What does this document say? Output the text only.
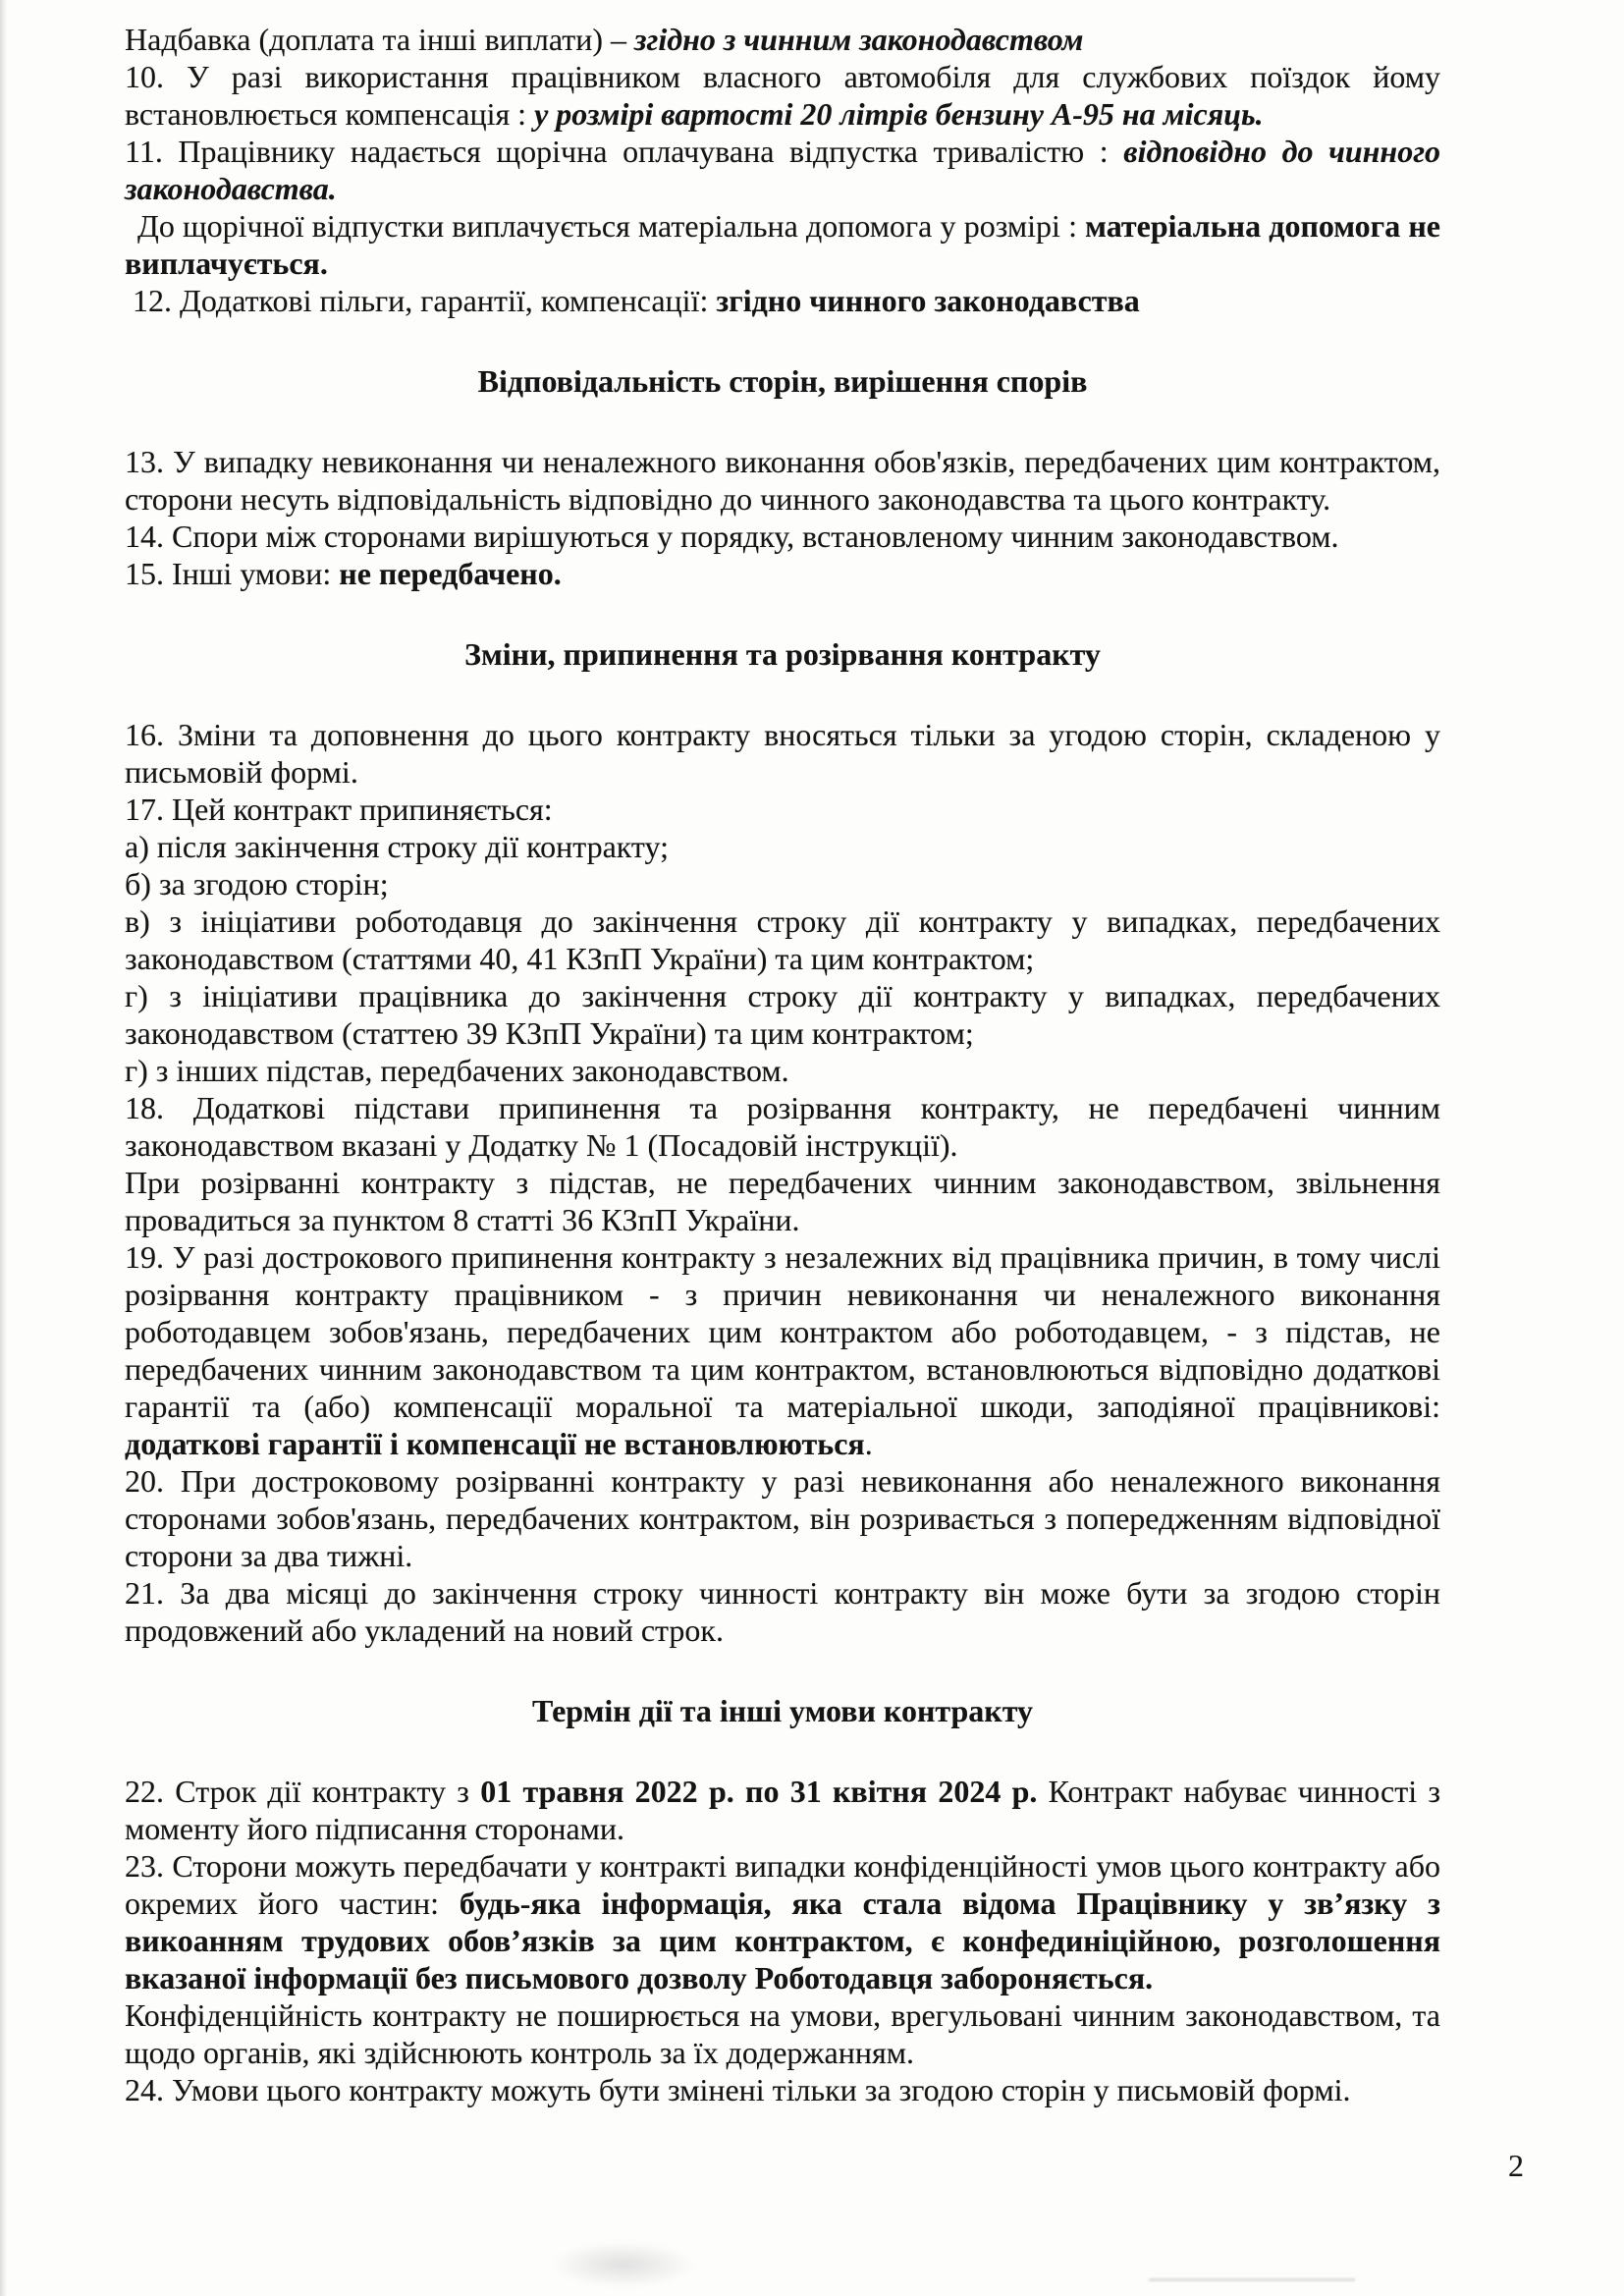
Надбавка (доплата та інші виплати) – згідно з чинним законодавством

10. У разі використання працівником власного автомобіля для службових поїздок йому встановлюється компенсація : у розмірі вартості 20 літрів бензину А-95 на місяць.

11. Працівнику надається щорічна оплачувана відпустка тривалістю : відповідно до чинного законодавства.

До щорічної відпустки виплачується матеріальна допомога у розмірі : матеріальна допомога не виплачується.

12. Додаткові пільги, гарантії, компенсації: згідно чинного законодавства

Відповідальність сторін, вирішення спорів

13. У випадку невиконання чи неналежного виконання обов'язків, передбачених цим контрактом, сторони несуть відповідальність відповідно до чинного законодавства та цього контракту.

14. Спори між сторонами вирішуються у порядку, встановленому чинним законодавством.

15. Інші умови: не передбачено.

Зміни, припинення та розірвання контракту

16. Зміни та доповнення до цього контракту вносяться тільки за угодою сторін, складеною у письмовій формі.

17. Цей контракт припиняється:

а) після закінчення строку дії контракту;

б) за згодою сторін;

в) з ініціативи роботодавця до закінчення строку дії контракту у випадках, передбачених законодавством (статтями 40, 41 КЗпП України) та цим контрактом;

г) з ініціативи працівника до закінчення строку дії контракту у випадках, передбачених законодавством (статтею 39 КЗпП України) та цим контрактом;

г) з інших підстав, передбачених законодавством.

18. Додаткові підстави припинення та розірвання контракту, не передбачені чинним законодавством вказані у Додатку № 1 (Посадовій інструкції).

При розірванні контракту з підстав, не передбачених чинним законодавством, звільнення провадиться за пунктом 8 статті 36 КЗпП України.

19. У разі дострокового припинення контракту з незалежних від працівника причин, в тому числі розірвання контракту працівником - з причин невиконання чи неналежного виконання роботодавцем зобов'язань, передбачених цим контрактом або роботодавцем, - з підстав, не передбачених чинним законодавством та цим контрактом, встановлюються відповідно додаткові гарантії та (або) компенсації моральної та матеріальної шкоди, заподіяної працівникові: додаткові гарантії і компенсації не встановлюються.

20. При достроковому розірванні контракту у разі невиконання або неналежного виконання сторонами зобов'язань, передбачених контрактом, він розривається з попередженням відповідної сторони за два тижні.

21. За два місяці до закінчення строку чинності контракту він може бути за згодою сторін продовжений або укладений на новий строк.

Термін дії та інші умови контракту

22. Строк дії контракту з 01 травня 2022 р. по 31 квітня 2024 р. Контракт набуває чинності з моменту його підписання сторонами.

23. Сторони можуть передбачати у контракті випадки конфіденційності умов цього контракту або окремих його частин: будь-яка інформація, яка стала відома Працівнику у зв’язку з викоанням трудових обов’язків за цим контрактом, є конфединіційною, розголошення вказаної інформації без письмового дозволу Роботодавця забороняється.

Конфіденційність контракту не поширюється на умови, врегульовані чинним законодавством, та щодо органів, які здійснюють контроль за їх додержанням.

24. Умови цього контракту можуть бути змінені тільки за згодою сторін у письмовій формі.

2
